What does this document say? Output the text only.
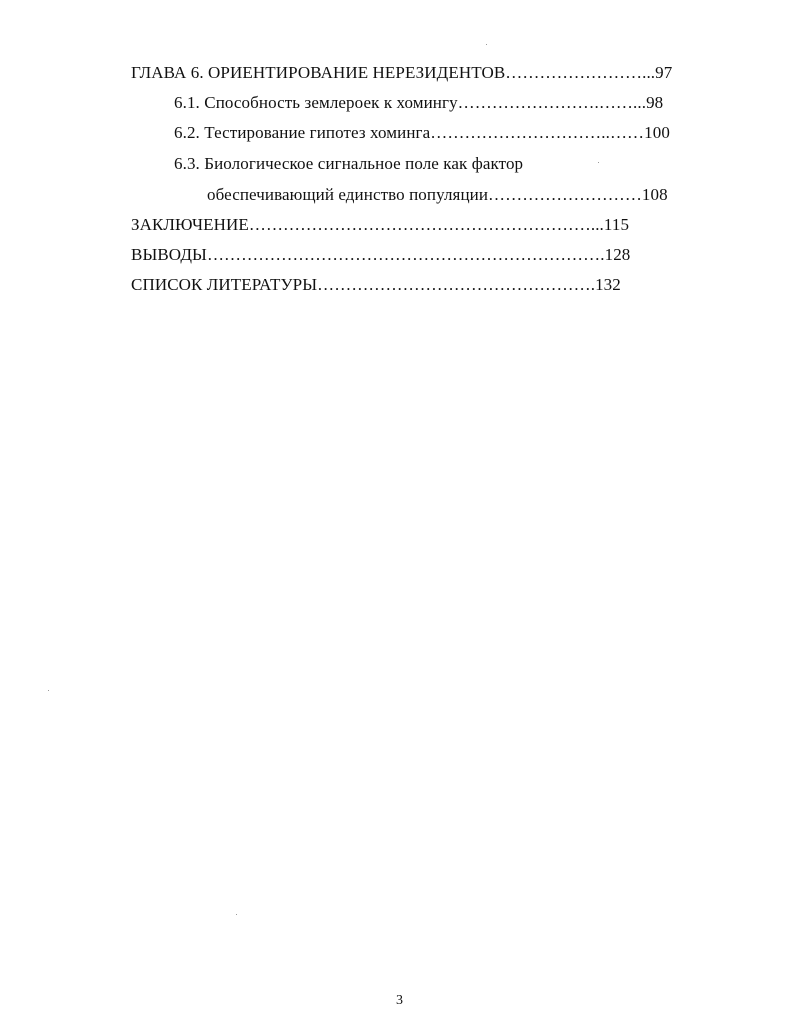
ГЛАВА 6. ОРИЕНТИРОВАНИЕ НЕРЕЗИДЕНТОВ……………………...97
6.1. Способность землероек к хомингу…………………….……...98
6.2. Тестирование гипотез хоминга…………………………..……100
6.3. Биологическое сигнальное поле как фактор
обеспечивающий единство популяции………………………108
ЗАКЛЮЧЕНИЕ……………………………………………………...115
ВЫВОДЫ…………………………………………………………….128
СПИСОК ЛИТЕРАТУРЫ………………………………………….132
3
